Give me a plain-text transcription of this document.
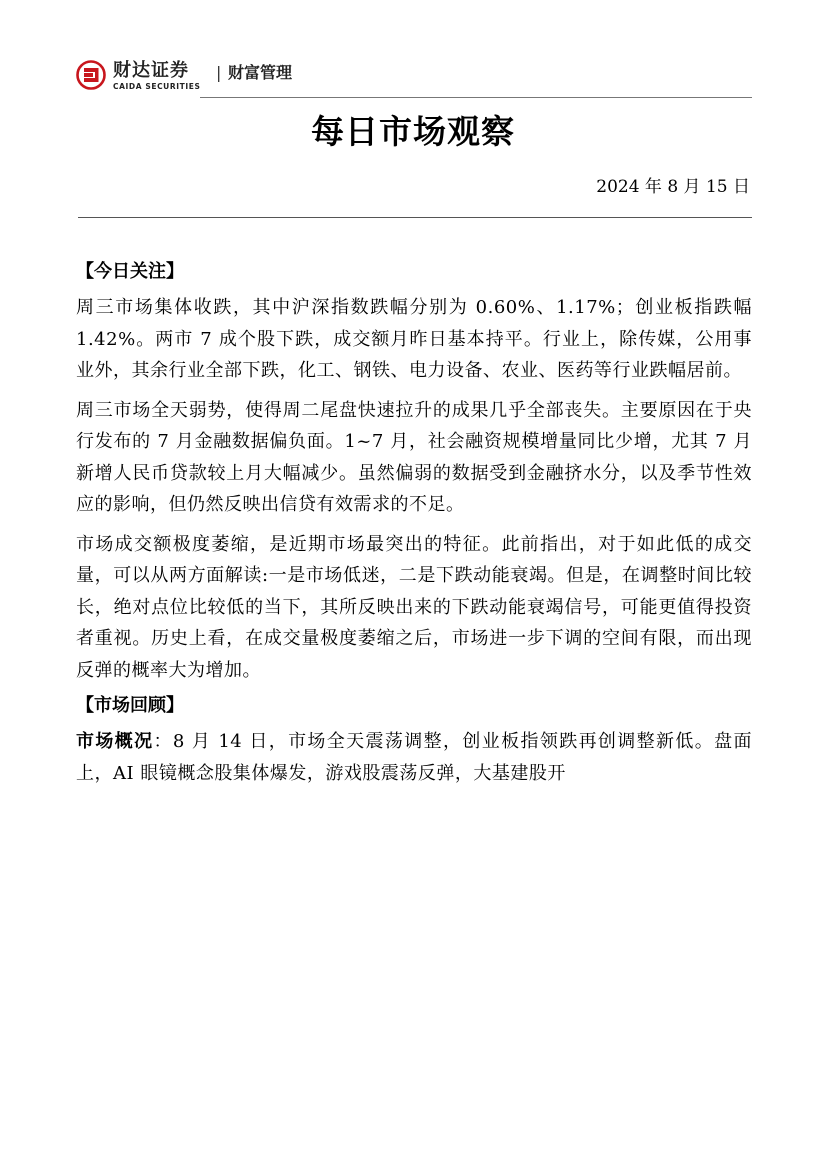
财达证券
CAIDA SECURITIES
| 财富管理
每日市场观察
2024 年 8 月 15 日
【今日关注】

周三市场集体收跌，其中沪深指数跌幅分别为 0.60%、1.17%；创业板指跌幅 1.42%。两市 7 成个股下跌，成交额月昨日基本持平。行业上，除传媒，公用事业外，其余行业全部下跌，化工、钢铁、电力设备、农业、医药等行业跌幅居前。

周三市场全天弱势，使得周二尾盘快速拉升的成果几乎全部丧失。主要原因在于央行发布的 7 月金融数据偏负面。1~7 月，社会融资规模增量同比少增，尤其 7 月新增人民币贷款较上月大幅减少。虽然偏弱的数据受到金融挤水分，以及季节性效应的影响，但仍然反映出信贷有效需求的不足。

市场成交额极度萎缩，是近期市场最突出的特征。此前指出，对于如此低的成交量，可以从两方面解读:一是市场低迷，二是下跌动能衰竭。但是，在调整时间比较长，绝对点位比较低的当下，其所反映出来的下跌动能衰竭信号，可能更值得投资者重视。历史上看，在成交量极度萎缩之后，市场进一步下调的空间有限，而出现反弹的概率大为增加。

【市场回顾】

市场概况：8 月 14 日，市场全天震荡调整，创业板指领跌再创调整新低。盘面上，AI 眼镜概念股集体爆发，游戏股震荡反弹，大基建股开
